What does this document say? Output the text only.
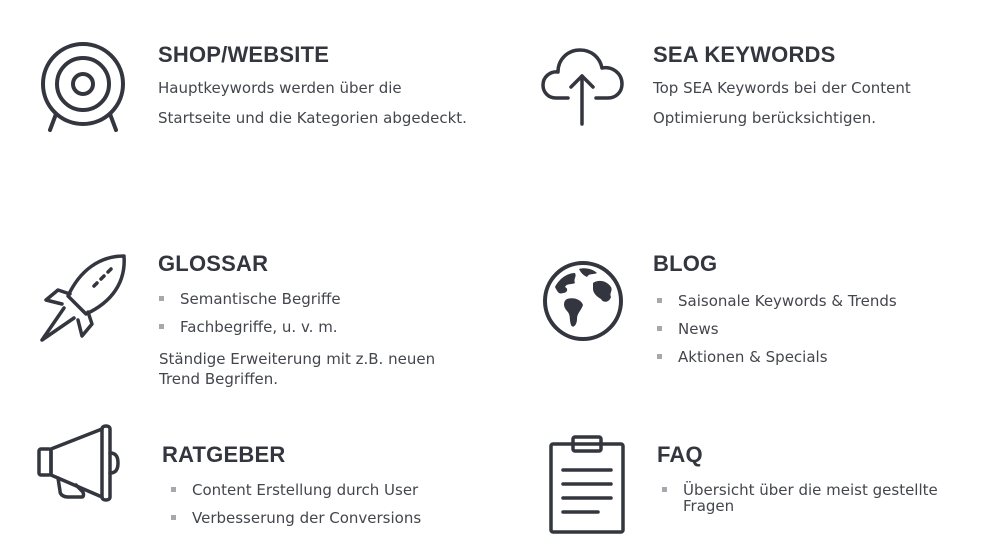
SHOP/WEBSITE
Hauptkeywords werden über die
Startseite und die Kategorien abgedeckt.
SEA KEYWORDS
Top SEA Keywords bei der Content
Optimierung berücksichtigen.
GLOSSAR
Semantische Begriffe
Fachbegriffe, u. v. m.
Ständige Erweiterung mit z.B. neuen
Trend Begriffen.
BLOG
Saisonale Keywords & Trends
News
Aktionen & Specials
RATGEBER
Content Erstellung durch User
Verbesserung der Conversions
FAQ
Übersicht über die meist gestellte Fragen
